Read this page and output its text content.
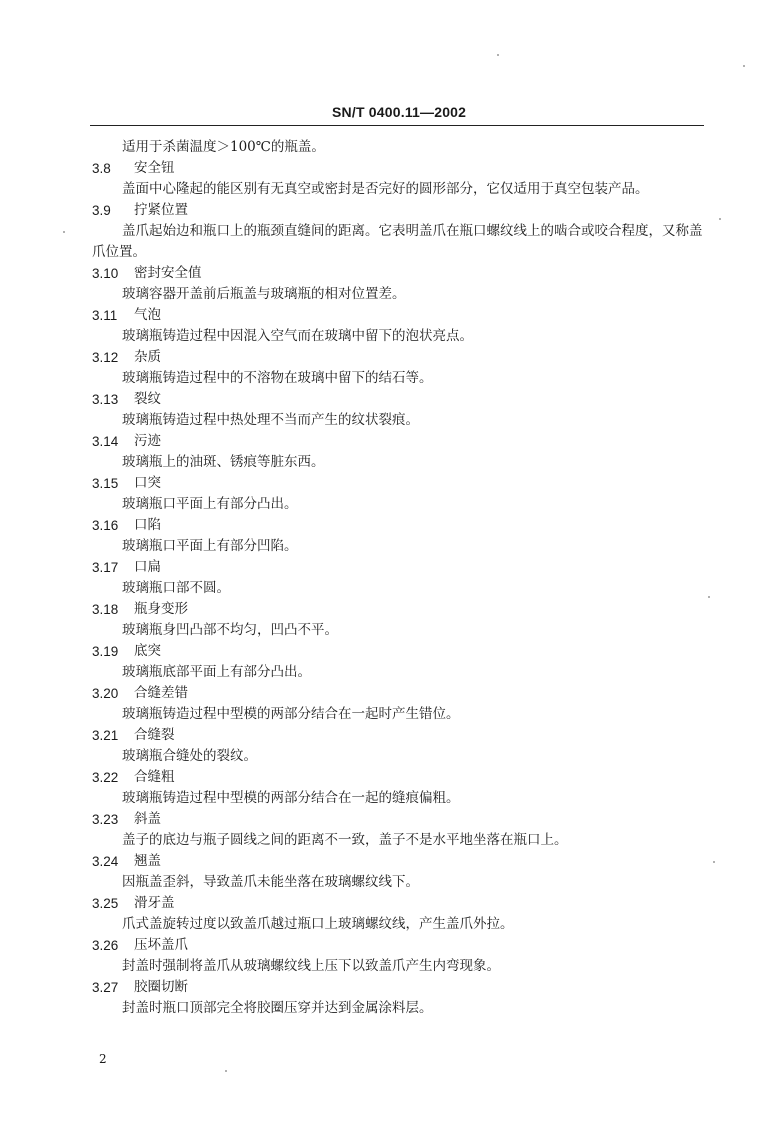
SN/T 0400.11—2002
适用于杀菌温度＞100℃的瓶盖。
3.8	安全钮
盖面中心隆起的能区别有无真空或密封是否完好的圆形部分，它仅适用于真空包装产品。
3.9	拧紧位置
盖爪起始边和瓶口上的瓶颈直缝间的距离。它表明盖爪在瓶口螺纹线上的啮合或咬合程度，又称盖爪位置。
3.10	密封安全值
玻璃容器开盖前后瓶盖与玻璃瓶的相对位置差。
3.11	气泡
玻璃瓶铸造过程中因混入空气而在玻璃中留下的泡状亮点。
3.12	杂质
玻璃瓶铸造过程中的不溶物在玻璃中留下的结石等。
3.13	裂纹
玻璃瓶铸造过程中热处理不当而产生的纹状裂痕。
3.14	污迹
玻璃瓶上的油斑、锈痕等脏东西。
3.15	口突
玻璃瓶口平面上有部分凸出。
3.16	口陷
玻璃瓶口平面上有部分凹陷。
3.17	口扁
玻璃瓶口部不圆。
3.18	瓶身变形
玻璃瓶身凹凸部不均匀，凹凸不平。
3.19	底突
玻璃瓶底部平面上有部分凸出。
3.20	合缝差错
玻璃瓶铸造过程中型模的两部分结合在一起时产生错位。
3.21	合缝裂
玻璃瓶合缝处的裂纹。
3.22	合缝粗
玻璃瓶铸造过程中型模的两部分结合在一起的缝痕偏粗。
3.23	斜盖
盖子的底边与瓶子圆线之间的距离不一致，盖子不是水平地坐落在瓶口上。
3.24	翘盖
因瓶盖歪斜，导致盖爪未能坐落在玻璃螺纹线下。
3.25	滑牙盖
爪式盖旋转过度以致盖爪越过瓶口上玻璃螺纹线，产生盖爪外拉。
3.26	压坏盖爪
封盖时强制将盖爪从玻璃螺纹线上压下以致盖爪产生内弯现象。
3.27	胶圈切断
封盖时瓶口顶部完全将胶圈压穿并达到金属涂料层。
2
